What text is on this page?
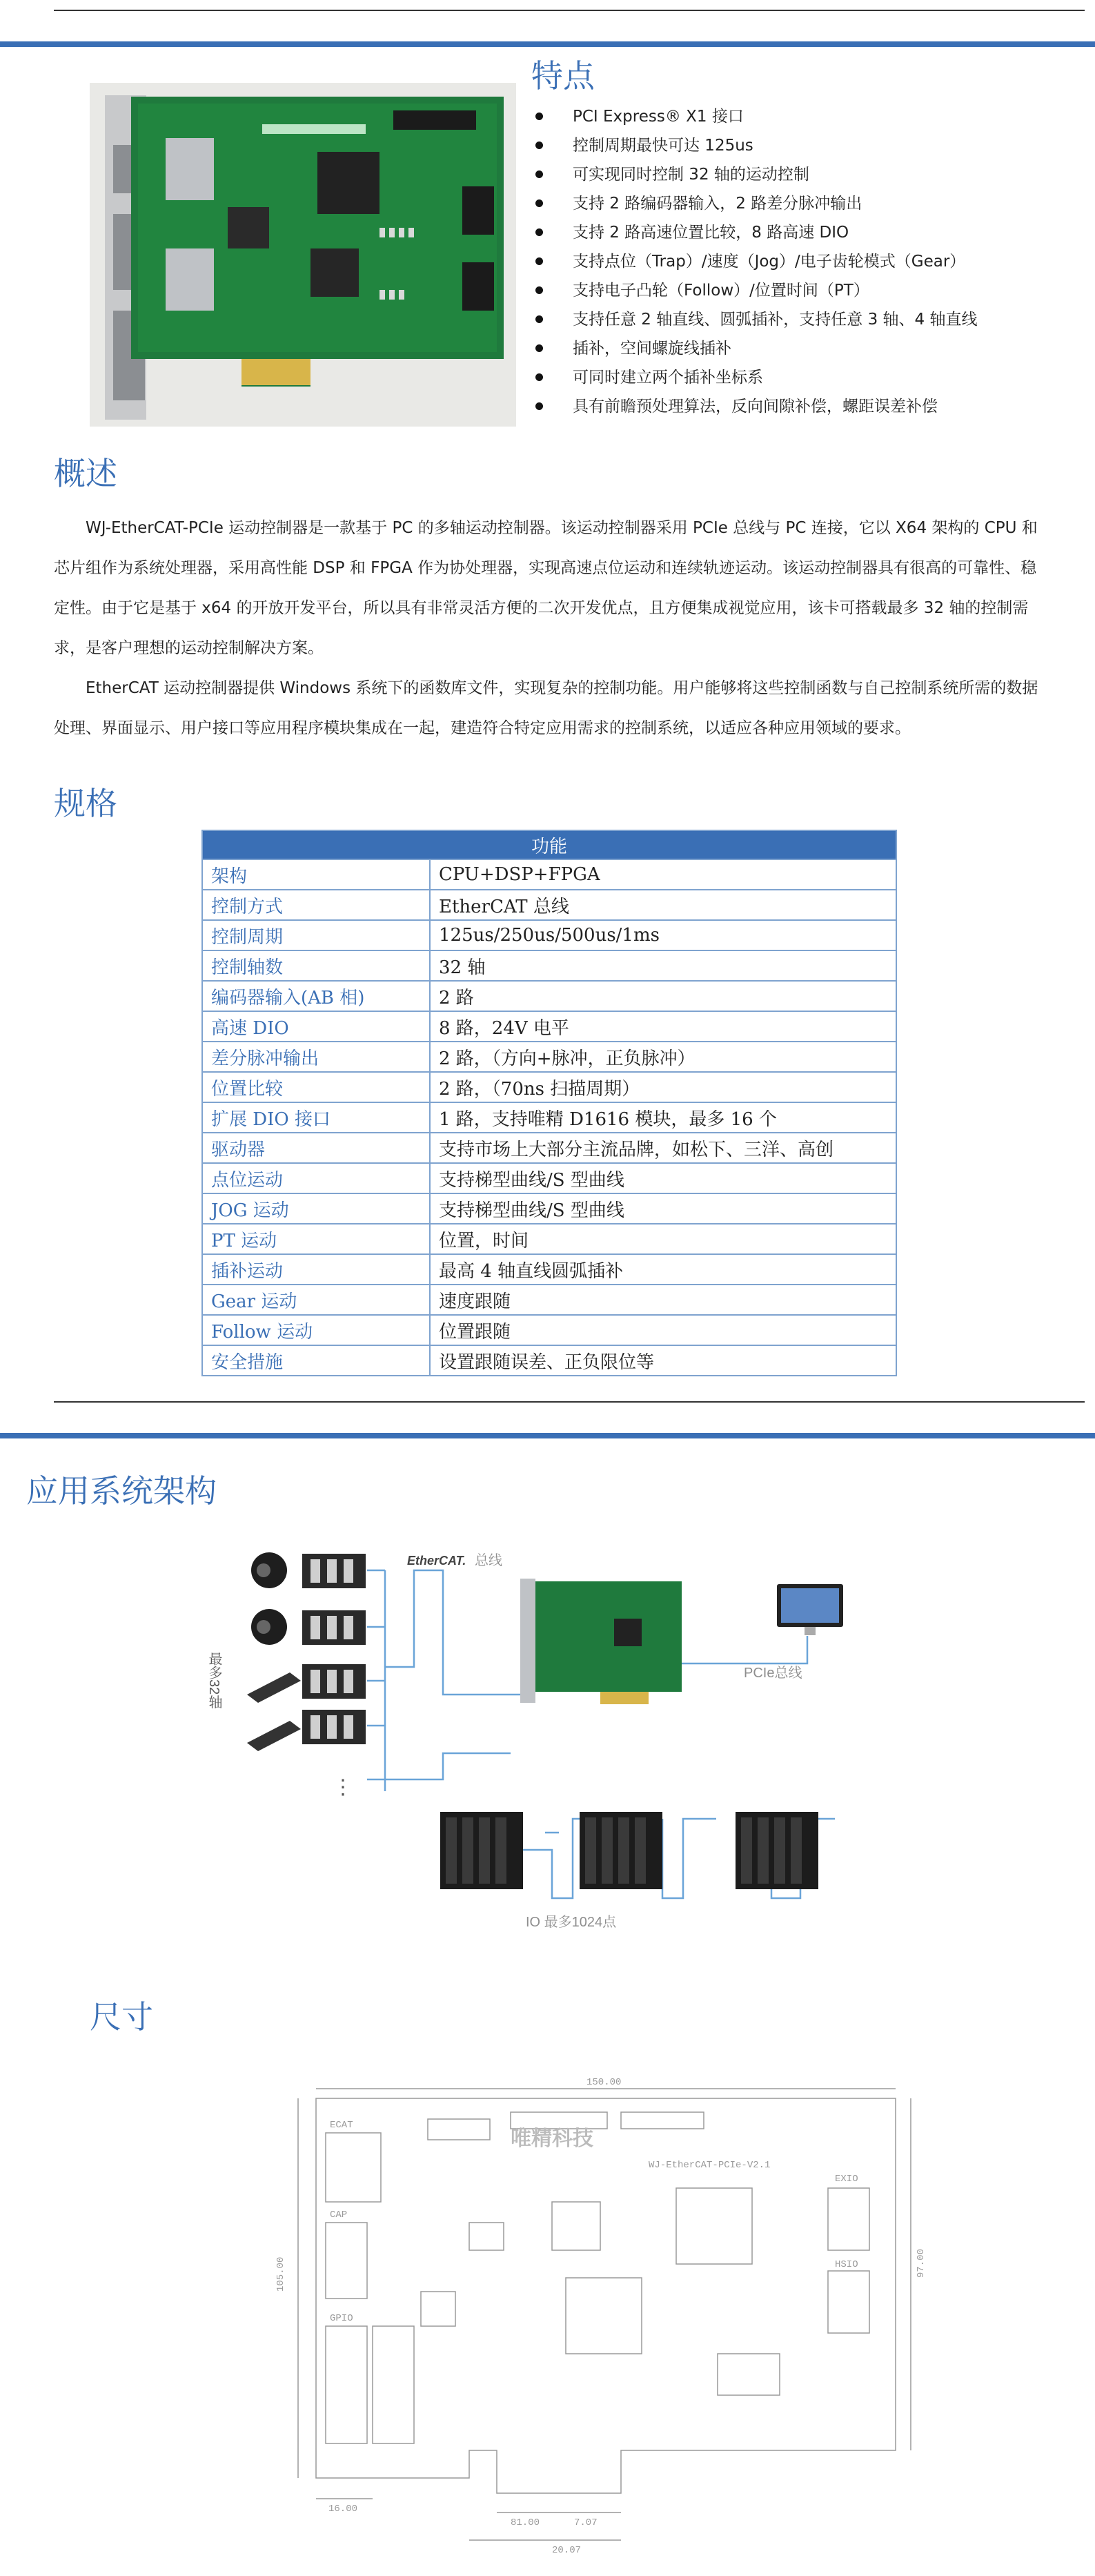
特点
PCI Express® X1 接口
控制周期最快可达 125us
可实现同时控制 32 轴的运动控制
支持 2 路编码器输入，2 路差分脉冲输出
支持 2 路高速位置比较，8 路高速 DIO
支持点位（Trap）/速度（Jog）/电子齿轮模式（Gear）
支持电子凸轮（Follow）/位置时间（PT）
支持任意 2 轴直线、圆弧插补，支持任意 3 轴、4 轴直线
插补，空间螺旋线插补
可同时建立两个插补坐标系
具有前瞻预处理算法，反向间隙补偿，螺距误差补偿
概述

WJ-EtherCAT-PCIe 运动控制器是一款基于 PC 的多轴运动控制器。该运动控制器采用 PCIe 总线与 PC 连接，它以 X64 架构的 CPU 和芯片组作为系统处理器，采用高性能 DSP 和 FPGA 作为协处理器，实现高速点位运动和连续轨迹运动。该运动控制器具有很高的可靠性、稳定性。由于它是基于 x64 的开放开发平台，所以具有非常灵活方便的二次开发优点，且方便集成视觉应用，该卡可搭载最多 32 轴的控制需求，是客户理想的运动控制解决方案。

EtherCAT 运动控制器提供 Windows 系统下的函数库文件，实现复杂的控制功能。用户能够将这些控制函数与自己控制系统所需的数据处理、界面显示、用户接口等应用程序模块集成在一起，建造符合特定应用需求的控制系统，以适应各种应用领域的要求。

规格
功能	
架构	CPU+DSP+FPGA
控制方式	EtherCAT 总线
控制周期	125us/250us/500us/1ms
控制轴数	32 轴
编码器输入(AB 相)	2 路
高速 DIO	8 路，24V 电平
差分脉冲输出	2 路，（方向+脉冲，正负脉冲）
位置比较	2 路，（70ns 扫描周期）
扩展 DIO 接口	1 路，支持唯精 D1616 模块，最多 16 个
驱动器	支持市场上大部分主流品牌，如松下、三洋、高创
点位运动	支持梯型曲线/S 型曲线
JOG 运动	支持梯型曲线/S 型曲线
PT 运动	位置，时间
插补运动	最高 4 轴直线圆弧插补
Gear 运动	速度跟随
Follow 运动	位置跟随
安全措施	设置跟随误差、正负限位等
应用系统架构
EtherCAT. 总线
⋮
最多32轴	PCIe总线
IO 最多1024点
尺寸
150.00
105.00	97.00
16.00
81.00	7.07
20.07
ECAT
CAP
GPIO
EXIO
HSIO
WJ-EtherCAT-PCIe-V2.1
唯精科技
